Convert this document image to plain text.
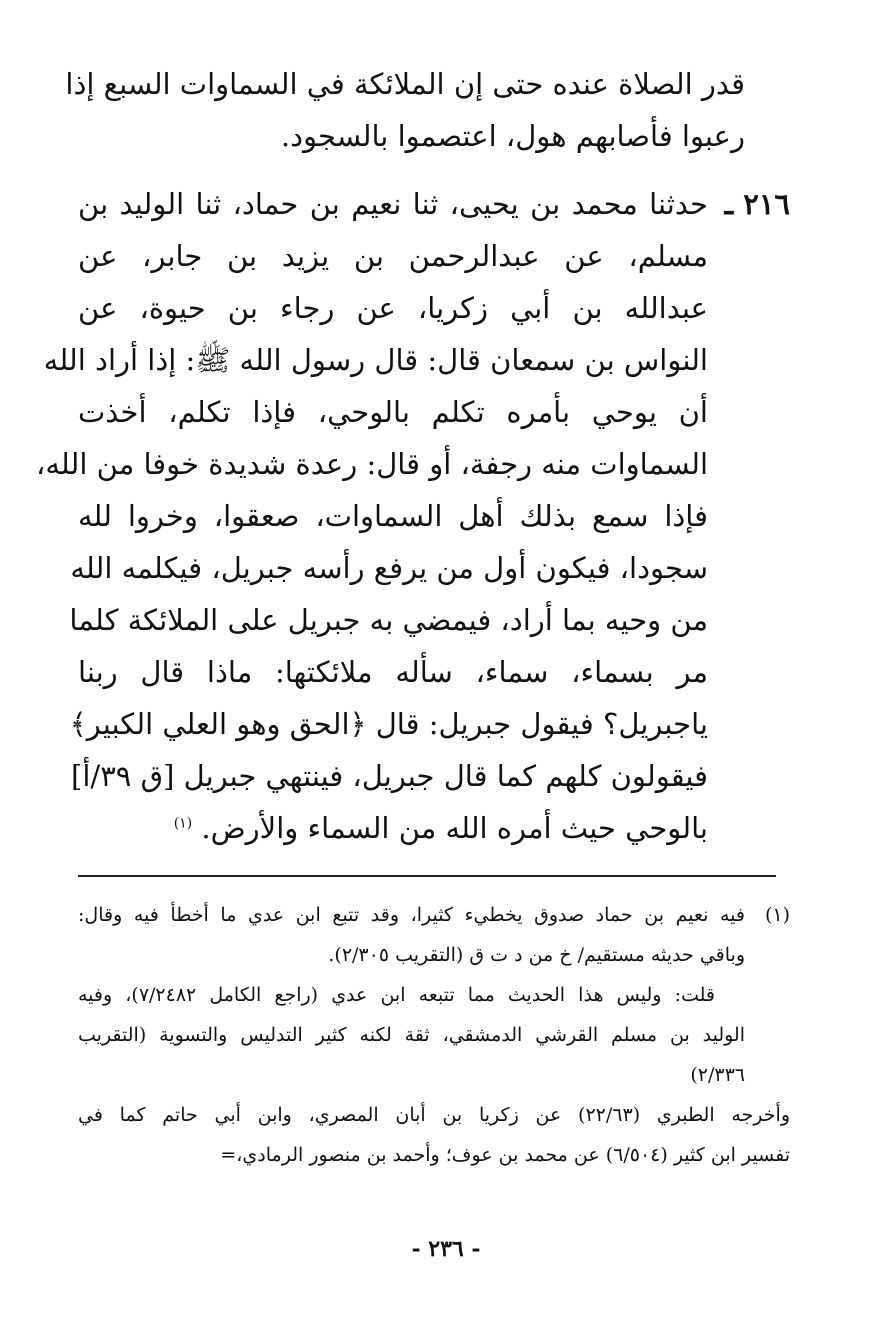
قدر الصلاة عنده حتى إن الملائكة في السماوات السبع إذا
رعبوا فأصابهم هول، اعتصموا بالسجود.
٢١٦ ـ
حدثنا محمد بن يحيى، ثنا نعيم بن حماد، ثنا الوليد بن
مسلم، عن عبدالرحمن بن يزيد بن جابر، عن
عبدالله بن أبي زكريا، عن رجاء بن حيوة، عن
النواس بن سمعان قال: قال رسول الله ﷺ: إذا أراد الله
أن يوحي بأمره تكلم بالوحي، فإذا تكلم، أخذت
السماوات منه رجفة، أو قال: رعدة شديدة خوفا من الله،
فإذا سمع بذلك أهل السماوات، صعقوا، وخروا لله
سجودا، فيكون أول من يرفع رأسه جبريل، فيكلمه الله
من وحيه بما أراد، فيمضي به جبريل على الملائكة كلما
مر بسماء، سماء، سأله ملائكتها: ماذا قال ربنا
ياجبريل؟ فيقول جبريل: قال ﴿الحق وهو العلي الكبير﴾
فيقولون كلهم كما قال جبريل، فينتهي جبريل [ق ٣٩/أ]
بالوحي حيث أمره الله من السماء والأرض. $^{(١)}$
(١)
فيه نعيم بن حماد صدوق يخطيء كثيرا، وقد تتبع ابن عدي ما أخطأ فيه وقال:
وباقي حديثه مستقيم/ خ من د ت ق (التقريب ٢/٣٠٥).
قلت: وليس هذا الحديث مما تتبعه ابن عدي (راجع الكامل ٧/٢٤٨٢)، وفيه
الوليد بن مسلم القرشي الدمشقي، ثقة لكنه كثير التدليس والتسوية (التقريب
٢/٣٣٦)
وأخرجه الطبري (٢٢/٦٣) عن زكريا بن أبان المصري، وابن أبي حاتم كما في
تفسير ابن كثير (٦/٥٠٤) عن محمد بن عوف؛ وأحمد بن منصور الرمادي،=
- ٢٣٦ -
